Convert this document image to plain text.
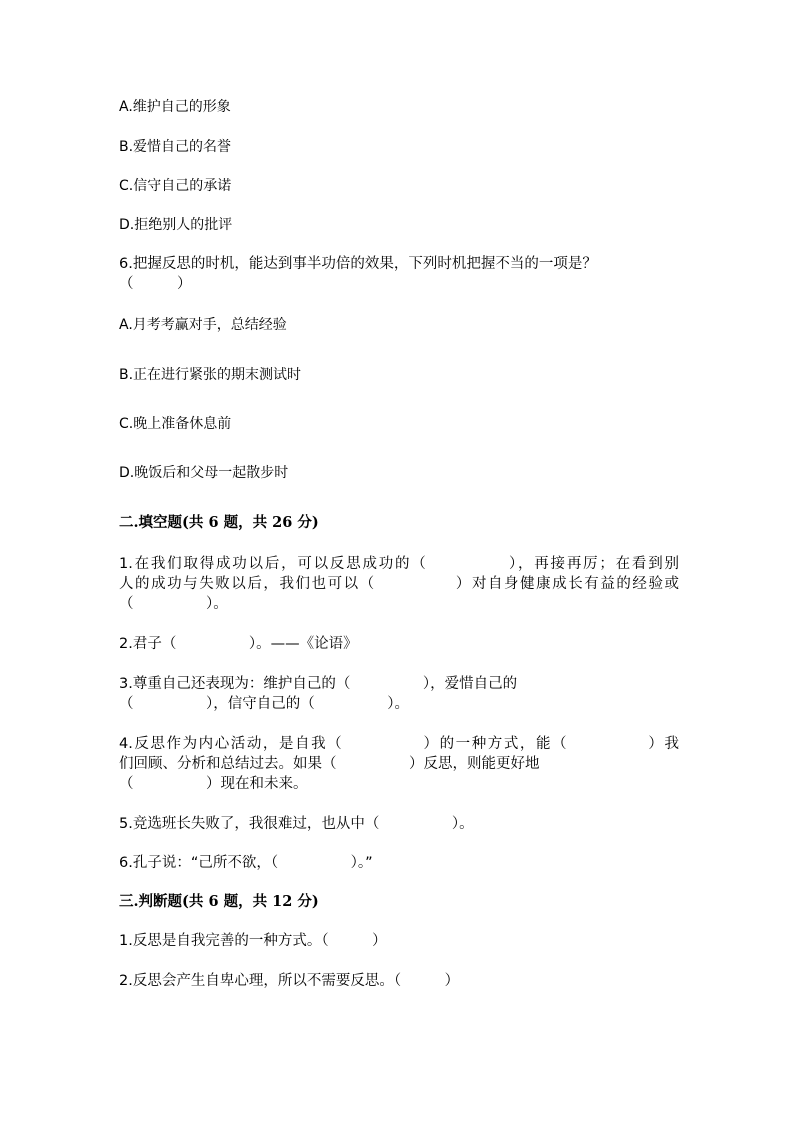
A.维护自己的形象
B.爱惜自己的名誉
C.信守自己的承诺
D.拒绝别人的批评
6.把握反思的时机，能达到事半功倍的效果，下列时机把握不当的一项是？
（　　　）
A.月考考赢对手，总结经验
B.正在进行紧张的期末测试时
C.晚上准备休息前
D.晚饭后和父母一起散步时
二.填空题(共 6 题，共 26 分)
1.在我们取得成功以后，可以反思成功的（　　　　　），再接再厉；在看到别
人的成功与失败以后，我们也可以（　　　　　）对自身健康成长有益的经验或
（　　　　　）。
2.君子（　　　　　）。——《论语》
3.尊重自己还表现为：维护自己的（　　　　　），爱惜自己的
（　　　　　），信守自己的（　　　　　）。
4.反思作为内心活动，是自我（　　　　　）的一种方式，能（　　　　　）我
们回顾、分析和总结过去。如果（　　　　　）反思，则能更好地
（　　　　　）现在和未来。
5.竞选班长失败了，我很难过，也从中（　　　　　）。
6.孔子说：“己所不欲，（　　　　　）。”
三.判断题(共 6 题，共 12 分)
1.反思是自我完善的一种方式。（　　　）
2.反思会产生自卑心理，所以不需要反思。（　　　）
